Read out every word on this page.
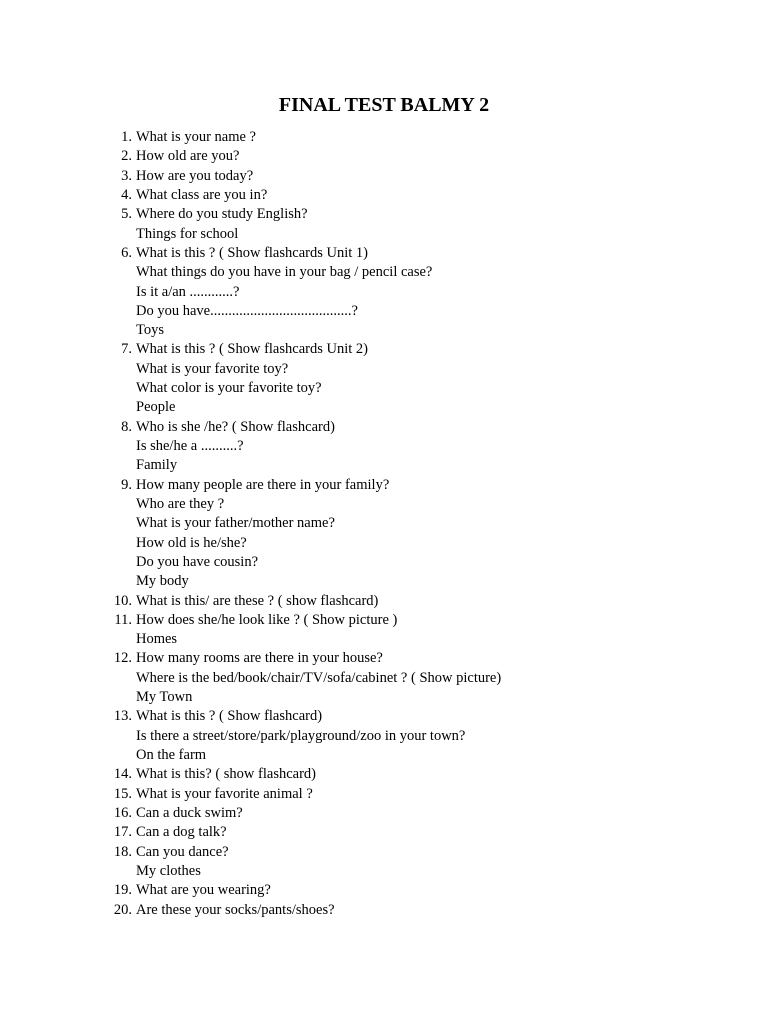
FINAL TEST BALMY 2
1. What is your name ?
2. How old are you?
3. How are you today?
4. What class are you in?
5. Where do you study English?
Things for school
6. What is this ? ( Show flashcards Unit 1)
What things do you have in your bag / pencil case?
Is it a/an ............?
Do you have.......................................?
Toys
7. What is this ? ( Show flashcards Unit 2)
What is your favorite toy?
What color is your favorite toy?
People
8. Who is she /he? ( Show flashcard)
Is she/he a ..........?
Family
9. How many people are there in your family?
Who are they ?
What is your father/mother name?
How old is he/she?
Do you have cousin?
My body
10. What is this/ are these ? ( show flashcard)
11. How does she/he look like ? ( Show picture )
Homes
12. How many rooms are there in your house?
Where is the bed/book/chair/TV/sofa/cabinet ? ( Show picture)
My Town
13. What is this ? ( Show flashcard)
Is there a street/store/park/playground/zoo in your town?
On the farm
14. What is this? ( show flashcard)
15. What is your favorite animal ?
16. Can a duck swim?
17. Can a dog talk?
18. Can you dance?
My clothes
19. What are you wearing?
20. Are these your socks/pants/shoes?
